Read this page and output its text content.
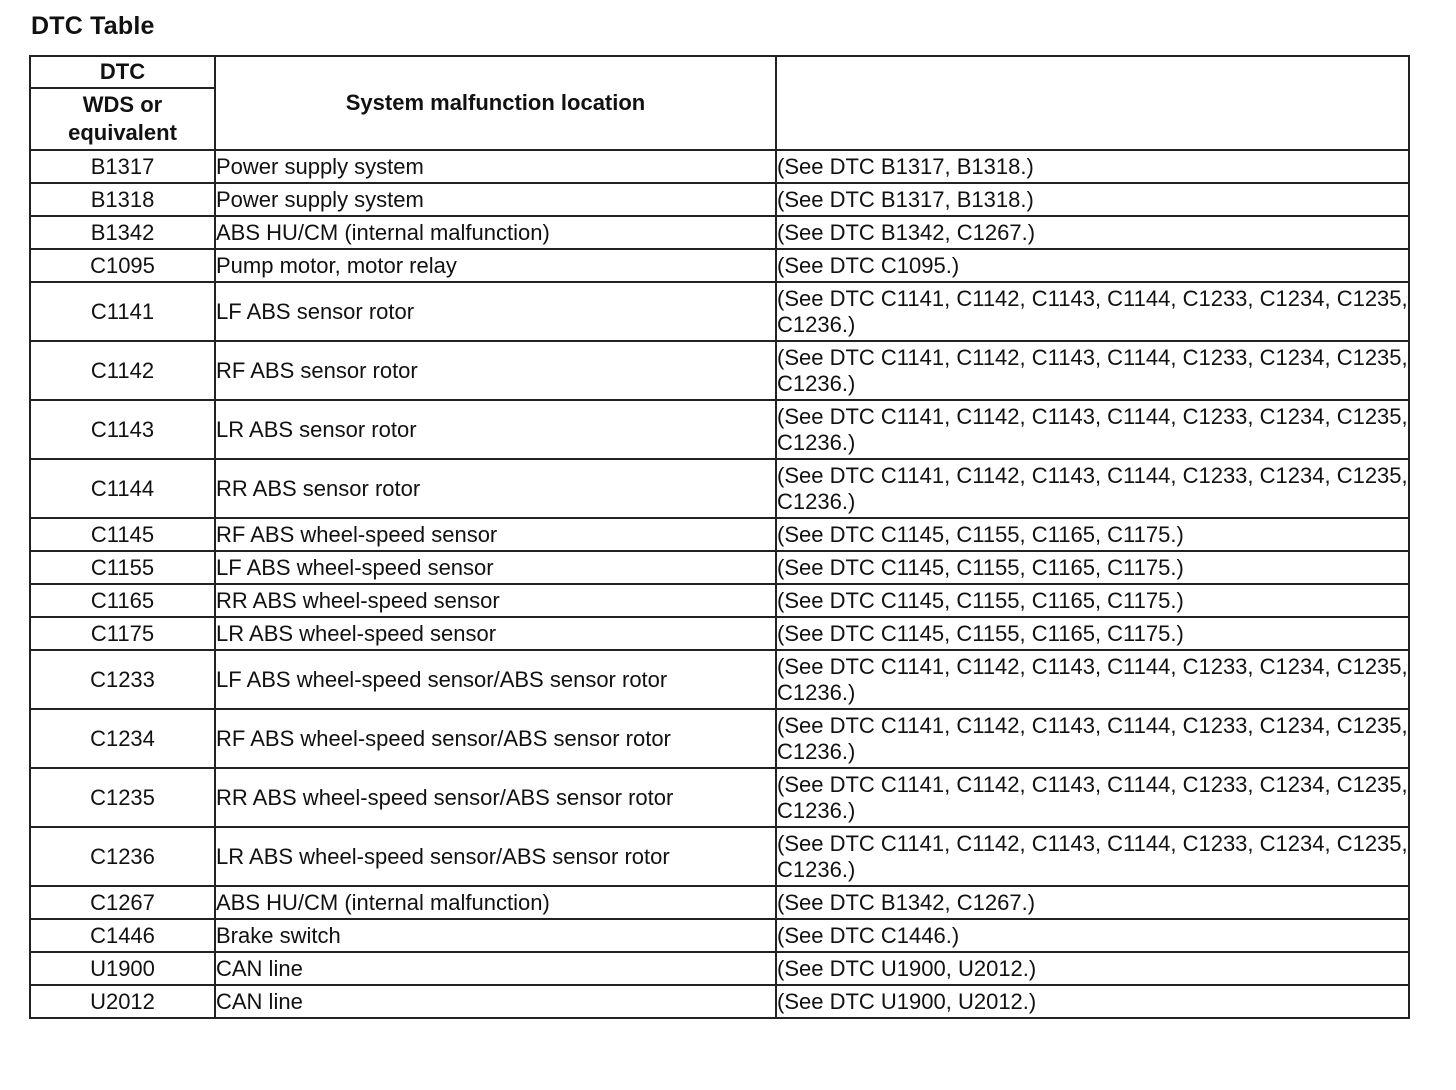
DTC Table
DTC	System malfunction location	
WDS or equivalent		
B1317	Power supply system	(See DTC B1317, B1318.)
B1318	Power supply system	(See DTC B1317, B1318.)
B1342	ABS HU/CM (internal malfunction)	(See DTC B1342, C1267.)
C1095	Pump motor, motor relay	(See DTC C1095.)
C1141	LF ABS sensor rotor	(See DTC C1141, C1142, C1143, C1144, C1233, C1234, C1235, C1236.)
C1142	RF ABS sensor rotor	(See DTC C1141, C1142, C1143, C1144, C1233, C1234, C1235, C1236.)
C1143	LR ABS sensor rotor	(See DTC C1141, C1142, C1143, C1144, C1233, C1234, C1235, C1236.)
C1144	RR ABS sensor rotor	(See DTC C1141, C1142, C1143, C1144, C1233, C1234, C1235, C1236.)
C1145	RF ABS wheel-speed sensor	(See DTC C1145, C1155, C1165, C1175.)
C1155	LF ABS wheel-speed sensor	(See DTC C1145, C1155, C1165, C1175.)
C1165	RR ABS wheel-speed sensor	(See DTC C1145, C1155, C1165, C1175.)
C1175	LR ABS wheel-speed sensor	(See DTC C1145, C1155, C1165, C1175.)
C1233	LF ABS wheel-speed sensor/ABS sensor rotor	(See DTC C1141, C1142, C1143, C1144, C1233, C1234, C1235, C1236.)
C1234	RF ABS wheel-speed sensor/ABS sensor rotor	(See DTC C1141, C1142, C1143, C1144, C1233, C1234, C1235, C1236.)
C1235	RR ABS wheel-speed sensor/ABS sensor rotor	(See DTC C1141, C1142, C1143, C1144, C1233, C1234, C1235, C1236.)
C1236	LR ABS wheel-speed sensor/ABS sensor rotor	(See DTC C1141, C1142, C1143, C1144, C1233, C1234, C1235, C1236.)
C1267	ABS HU/CM (internal malfunction)	(See DTC B1342, C1267.)
C1446	Brake switch	(See DTC C1446.)
U1900	CAN line	(See DTC U1900, U2012.)
U2012	CAN line	(See DTC U1900, U2012.)
